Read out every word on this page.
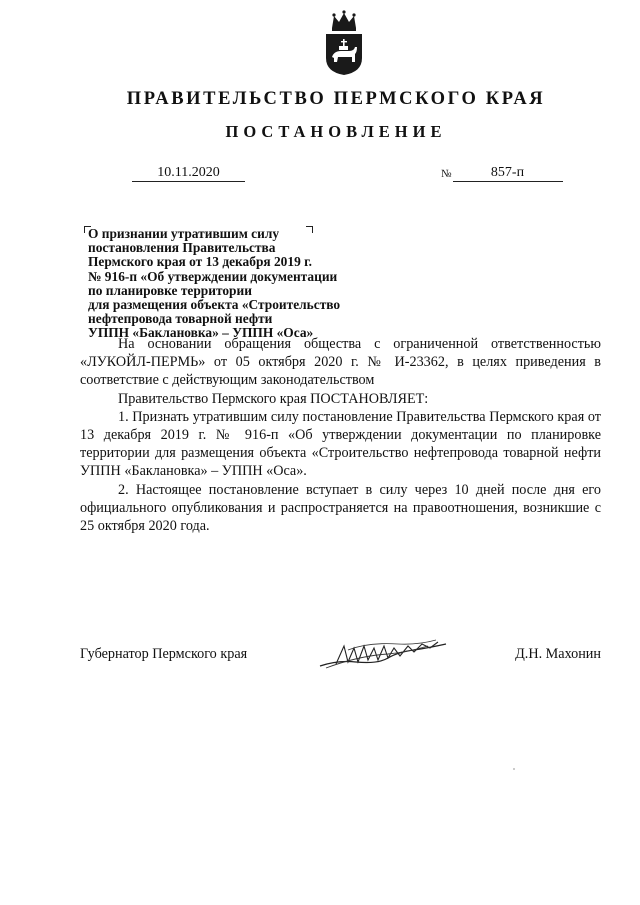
ПРАВИТЕЛЬСТВО ПЕРМСКОГО КРАЯ
ПОСТАНОВЛЕНИЕ
10.11.2020	№	857-п
О признании утратившим силу
постановления Правительства
Пермского края от 13 декабря 2019 г.
№ 916-п «Об утверждении документации
по планировке территории
для размещения объекта «Строительство
нефтепровода товарной нефти
УППН «Баклановка» – УППН «Оса»

На основании обращения общества с ограниченной ответственностью «ЛУКОЙЛ-ПЕРМЬ» от 05 октября 2020 г. № И-23362, в целях приведения в соответствие с действующим законодательством

Правительство Пермского края ПОСТАНОВЛЯЕТ:

1. Признать утратившим силу постановление Правительства Пермского края от 13 декабря 2019 г. № 916-п «Об утверждении документации по планировке территории для размещения объекта «Строительство нефтепровода товарной нефти УППН «Баклановка» – УППН «Оса».

2. Настоящее постановление вступает в силу через 10 дней после дня его официального опубликования и распространяется на правоотношения, возникшие с 25 октября 2020 года.

Губернатор Пермского края	Д.Н. Махонин
